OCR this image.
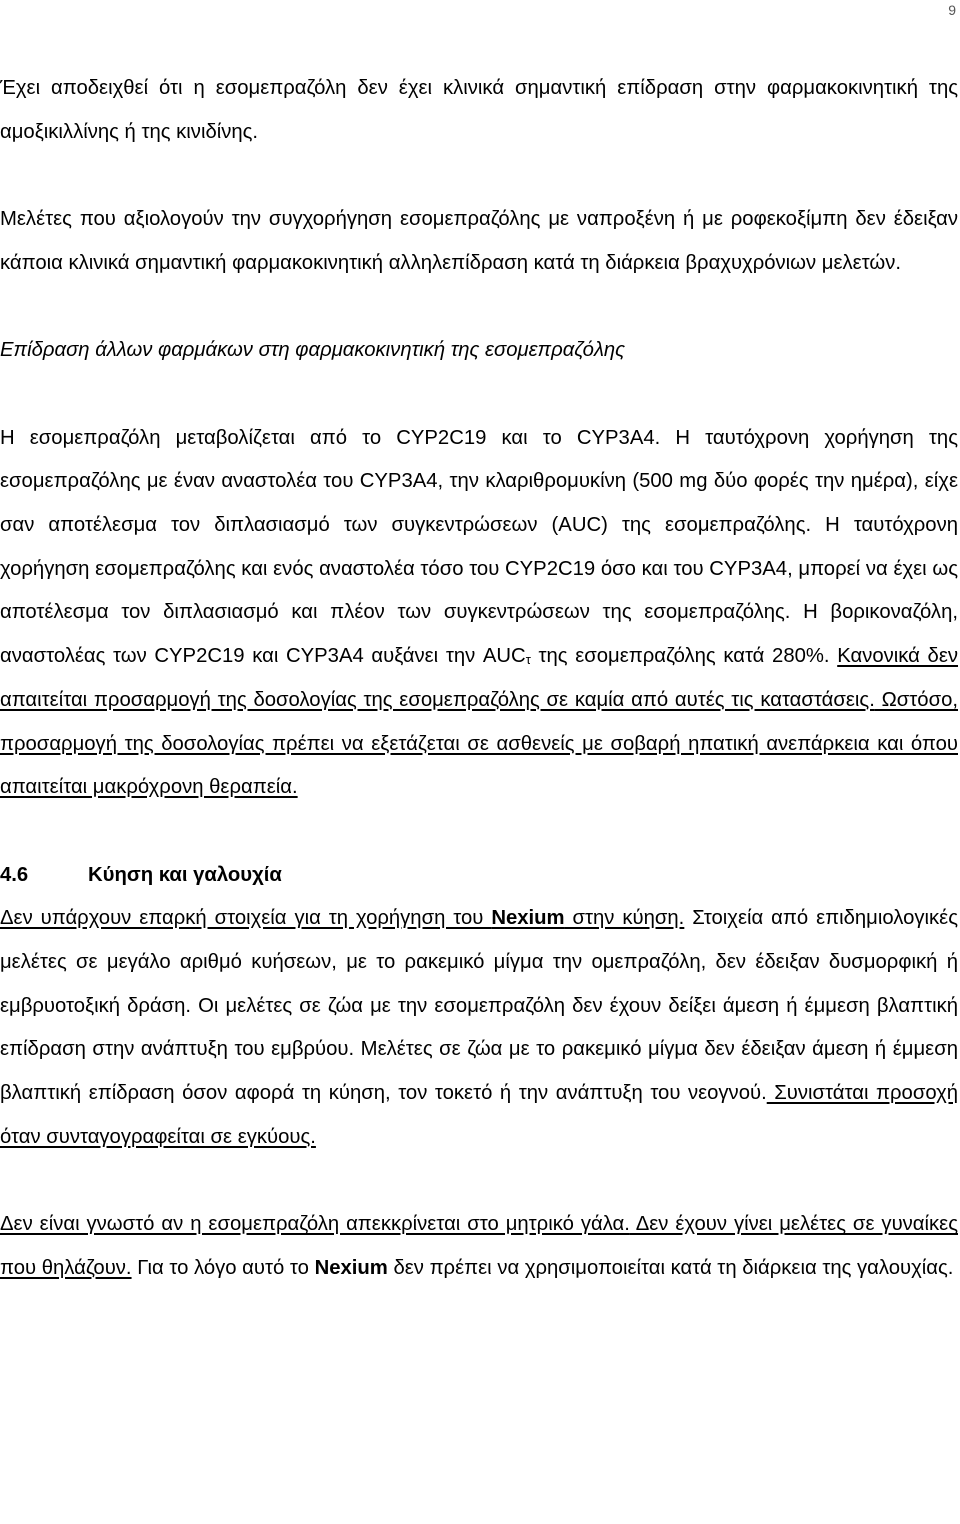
9

Έχει αποδειχθεί ότι η εσομεπραζόλη δεν έχει κλινικά σημαντική επίδραση στην φαρμακοκινητική της αμοξικιλλίνης ή της κινιδίνης.

Μελέτες που αξιολογούν την συγχορήγηση εσομεπραζόλης με ναπροξένη ή με ροφεκοξίμπη δεν έδειξαν κάποια κλινικά σημαντική φαρμακοκινητική αλληλεπίδραση κατά τη διάρκεια βραχυχρόνιων μελετών.

Επίδραση άλλων φαρμάκων στη φαρμακοκινητική της εσομεπραζόλης

Η εσομεπραζόλη μεταβολίζεται από το CYP2C19 και το CYP3A4. Η ταυτόχρονη χορήγηση της εσομεπραζόλης με έναν αναστολέα του CYP3A4, την κλαριθρομυκίνη (500 mg δύο φορές την ημέρα), είχε σαν αποτέλεσμα τον διπλασιασμό των συγκεντρώσεων (AUC) της εσομεπραζόλης. Η ταυτόχρονη χορήγηση εσομεπραζόλης και ενός αναστολέα τόσο του CYP2C19 όσο και του CYP3A4, μπορεί να έχει ως αποτέλεσμα τον διπλασιασμό και πλέον των συγκεντρώσεων της εσομεπραζόλης. Η βορικοναζόλη, αναστολέας των CYP2C19 και CYP3A4 αυξάνει την AUCτ της εσομεπραζόλης κατά 280%. Κανονικά δεν απαιτείται προσαρμογή της δοσολογίας της εσομεπραζόλης σε καμία από αυτές τις καταστάσεις. Ωστόσο, προσαρμογή της δοσολογίας πρέπει να εξετάζεται σε ασθενείς με σοβαρή ηπατική ανεπάρκεια και όπου απαιτείται μακρόχρονη θεραπεία.

4.6	Κύηση και γαλουχία

Δεν υπάρχουν επαρκή στοιχεία για τη χορήγηση του Nexium στην κύηση. Στοιχεία από επιδημιολογικές μελέτες σε μεγάλο αριθμό κυήσεων, με το ρακεμικό μίγμα την ομεπραζόλη, δεν έδειξαν δυσμορφική ή εμβρυοτοξική δράση. Οι μελέτες σε ζώα με την εσομεπραζόλη δεν έχουν δείξει άμεση ή έμμεση βλαπτική επίδραση στην ανάπτυξη του εμβρύου. Μελέτες σε ζώα με το ρακεμικό μίγμα δεν έδειξαν άμεση ή έμμεση βλαπτική επίδραση όσον αφορά τη κύηση, τον τοκετό ή την ανάπτυξη του νεογνού. Συνιστάται προσοχή όταν συνταγογραφείται σε εγκύους.

Δεν είναι γνωστό αν η εσομεπραζόλη απεκκρίνεται στο μητρικό γάλα. Δεν έχουν γίνει μελέτες σε γυναίκες που θηλάζουν. Για το λόγο αυτό το Nexium δεν πρέπει να χρησιμοποιείται κατά τη διάρκεια της γαλουχίας.
